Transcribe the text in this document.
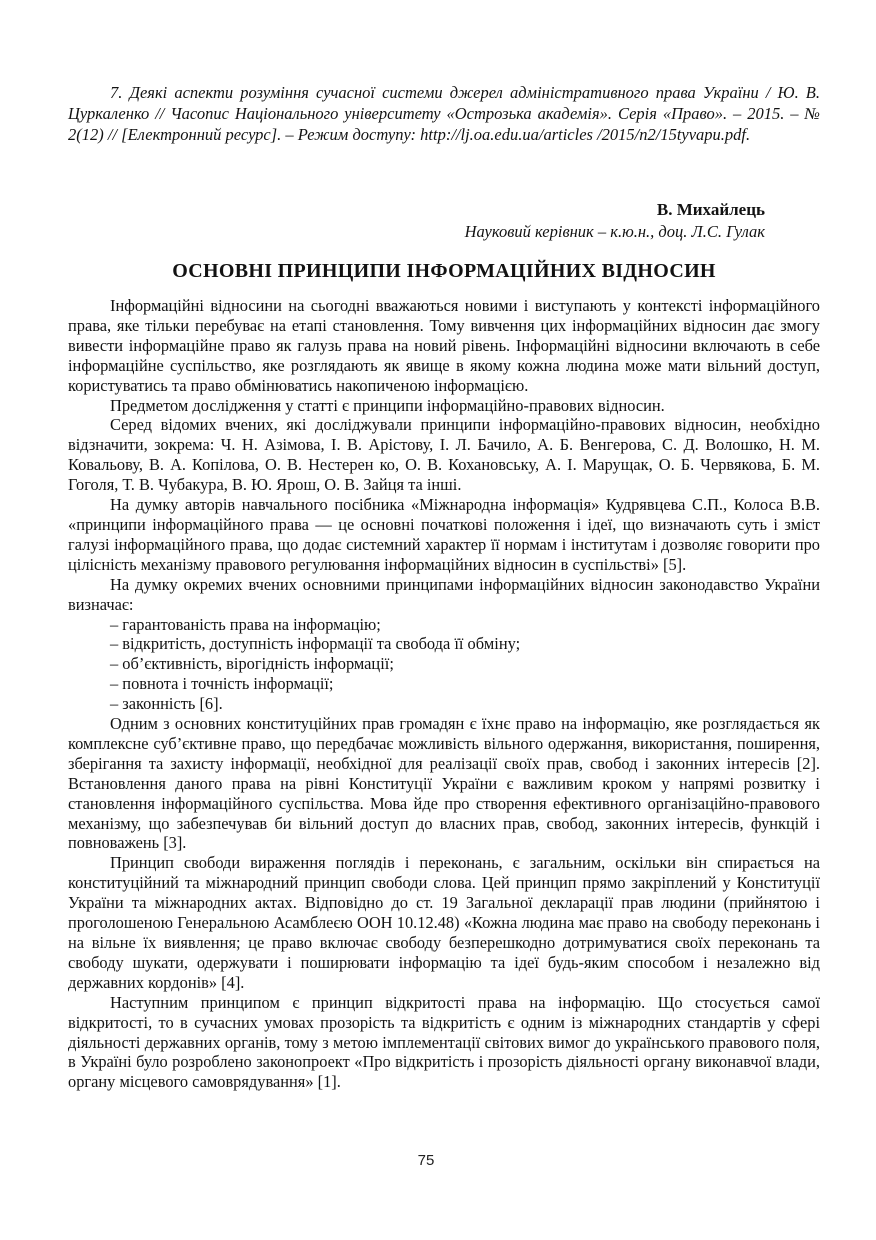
7. Деякі аспекти розуміння сучасної системи джерел адміністративного права України / Ю. В. Цуркаленко // Часопис Національного університету «Острозька академія». Серія «Право». – 2015. – № 2(12) // [Електронний ресурс]. – Режим доступу: http://lj.oa.edu.ua/articles /2015/n2/15tyvapu.pdf.

В. Михайлець
Науковий керівник – к.ю.н., доц. Л.С. Гулак
ОСНОВНІ ПРИНЦИПИ ІНФОРМАЦІЙНИХ ВІДНОСИН

Інформаційні відносини на сьогодні вважаються новими і виступають у контексті інформаційного права, яке тільки перебуває на етапі становлення. Тому вивчення цих інформаційних відносин дає змогу вивести інформаційне право як галузь права на новий рівень. Інформаційні відносини включають в себе інформаційне суспільство, яке розглядають як явище в якому кожна людина може мати вільний доступ, користуватись та право обмінюватись накопиченою інформацією.

Предметом дослідження у статті є принципи інформаційно-правових відносин.

Серед відомих вчених, які досліджували принципи інформаційно-правових відносин, необхідно відзначити, зокрема: Ч. Н. Азімова, І. В. Арістову, І. Л. Бачило, А. Б. Венгерова, С. Д. Волошко, Н. М. Ковальову, В. А. Копілова, О. В. Нестерен ко, О. В. Кохановську, А. І. Марущак, О. Б. Червякова, Б. М. Гоголя, Т. В. Чубакура, В. Ю. Ярош, О. В. Зайця та інші.

На думку авторів навчального посібника «Міжнародна інформація» Кудрявцева С.П., Колоса В.В. «принципи інформаційного права — це основні початкові положення і ідеї, що визначають суть і зміст галузі інформаційного права, що додає системний характер її нормам і інститутам і дозволяє говорити про цілісність механізму правового регулювання інформаційних відносин в суспільстві» [5].

На думку окремих вчених основними принципами інформаційних відносин законодавство України визначає:

– гарантованість права на інформацію;
– відкритість, доступність інформації та свобода її обміну;
– об’єктивність, вірогідність інформації;
– повнота і точність інформації;
– законність [6].

Одним з основних конституційних прав громадян є їхнє право на інформацію, яке розглядається як комплексне суб’єктивне право, що передбачає можливість вільного одержання, використання, поширення, зберігання та захисту інформації, необхідної для реалізації своїх прав, свобод і законних інтересів [2]. Встановлення даного права на рівні Конституції України є важливим кроком у напрямі розвитку і становлення інформаційного суспільства. Мова йде про створення ефективного організаційно-правового механізму, що забезпечував би вільний доступ до власних прав, свобод, законних інтересів, функцій і повноважень [3].

Принцип свободи вираження поглядів і переконань, є загальним, оскільки він спирається на конституційний та міжнародний принцип свободи слова. Цей принцип прямо закріплений у Конституції України та міжнародних актах. Відповідно до ст. 19 Загальної декларації прав людини (прийнятою і проголошеною Генеральною Асамблеєю ООН 10.12.48) «Кожна людина має право на свободу переконань і на вільне їх виявлення; це право включає свободу безперешкодно дотримуватися своїх переконань та свободу шукати, одержувати і поширювати інформацію та ідеї будь-яким способом і незалежно від державних кордонів» [4].

Наступним принципом є принцип відкритості права на інформацію. Що стосується самої відкритості, то в сучасних умовах прозорість та відкритість є одним із міжнародних стандартів у сфері діяльності державних органів, тому з метою імплементації світових вимог до українського правового поля, в Україні було розроблено законопроект «Про відкритість і прозорість діяльності органу виконавчої влади, органу місцевого самоврядування» [1].

75
